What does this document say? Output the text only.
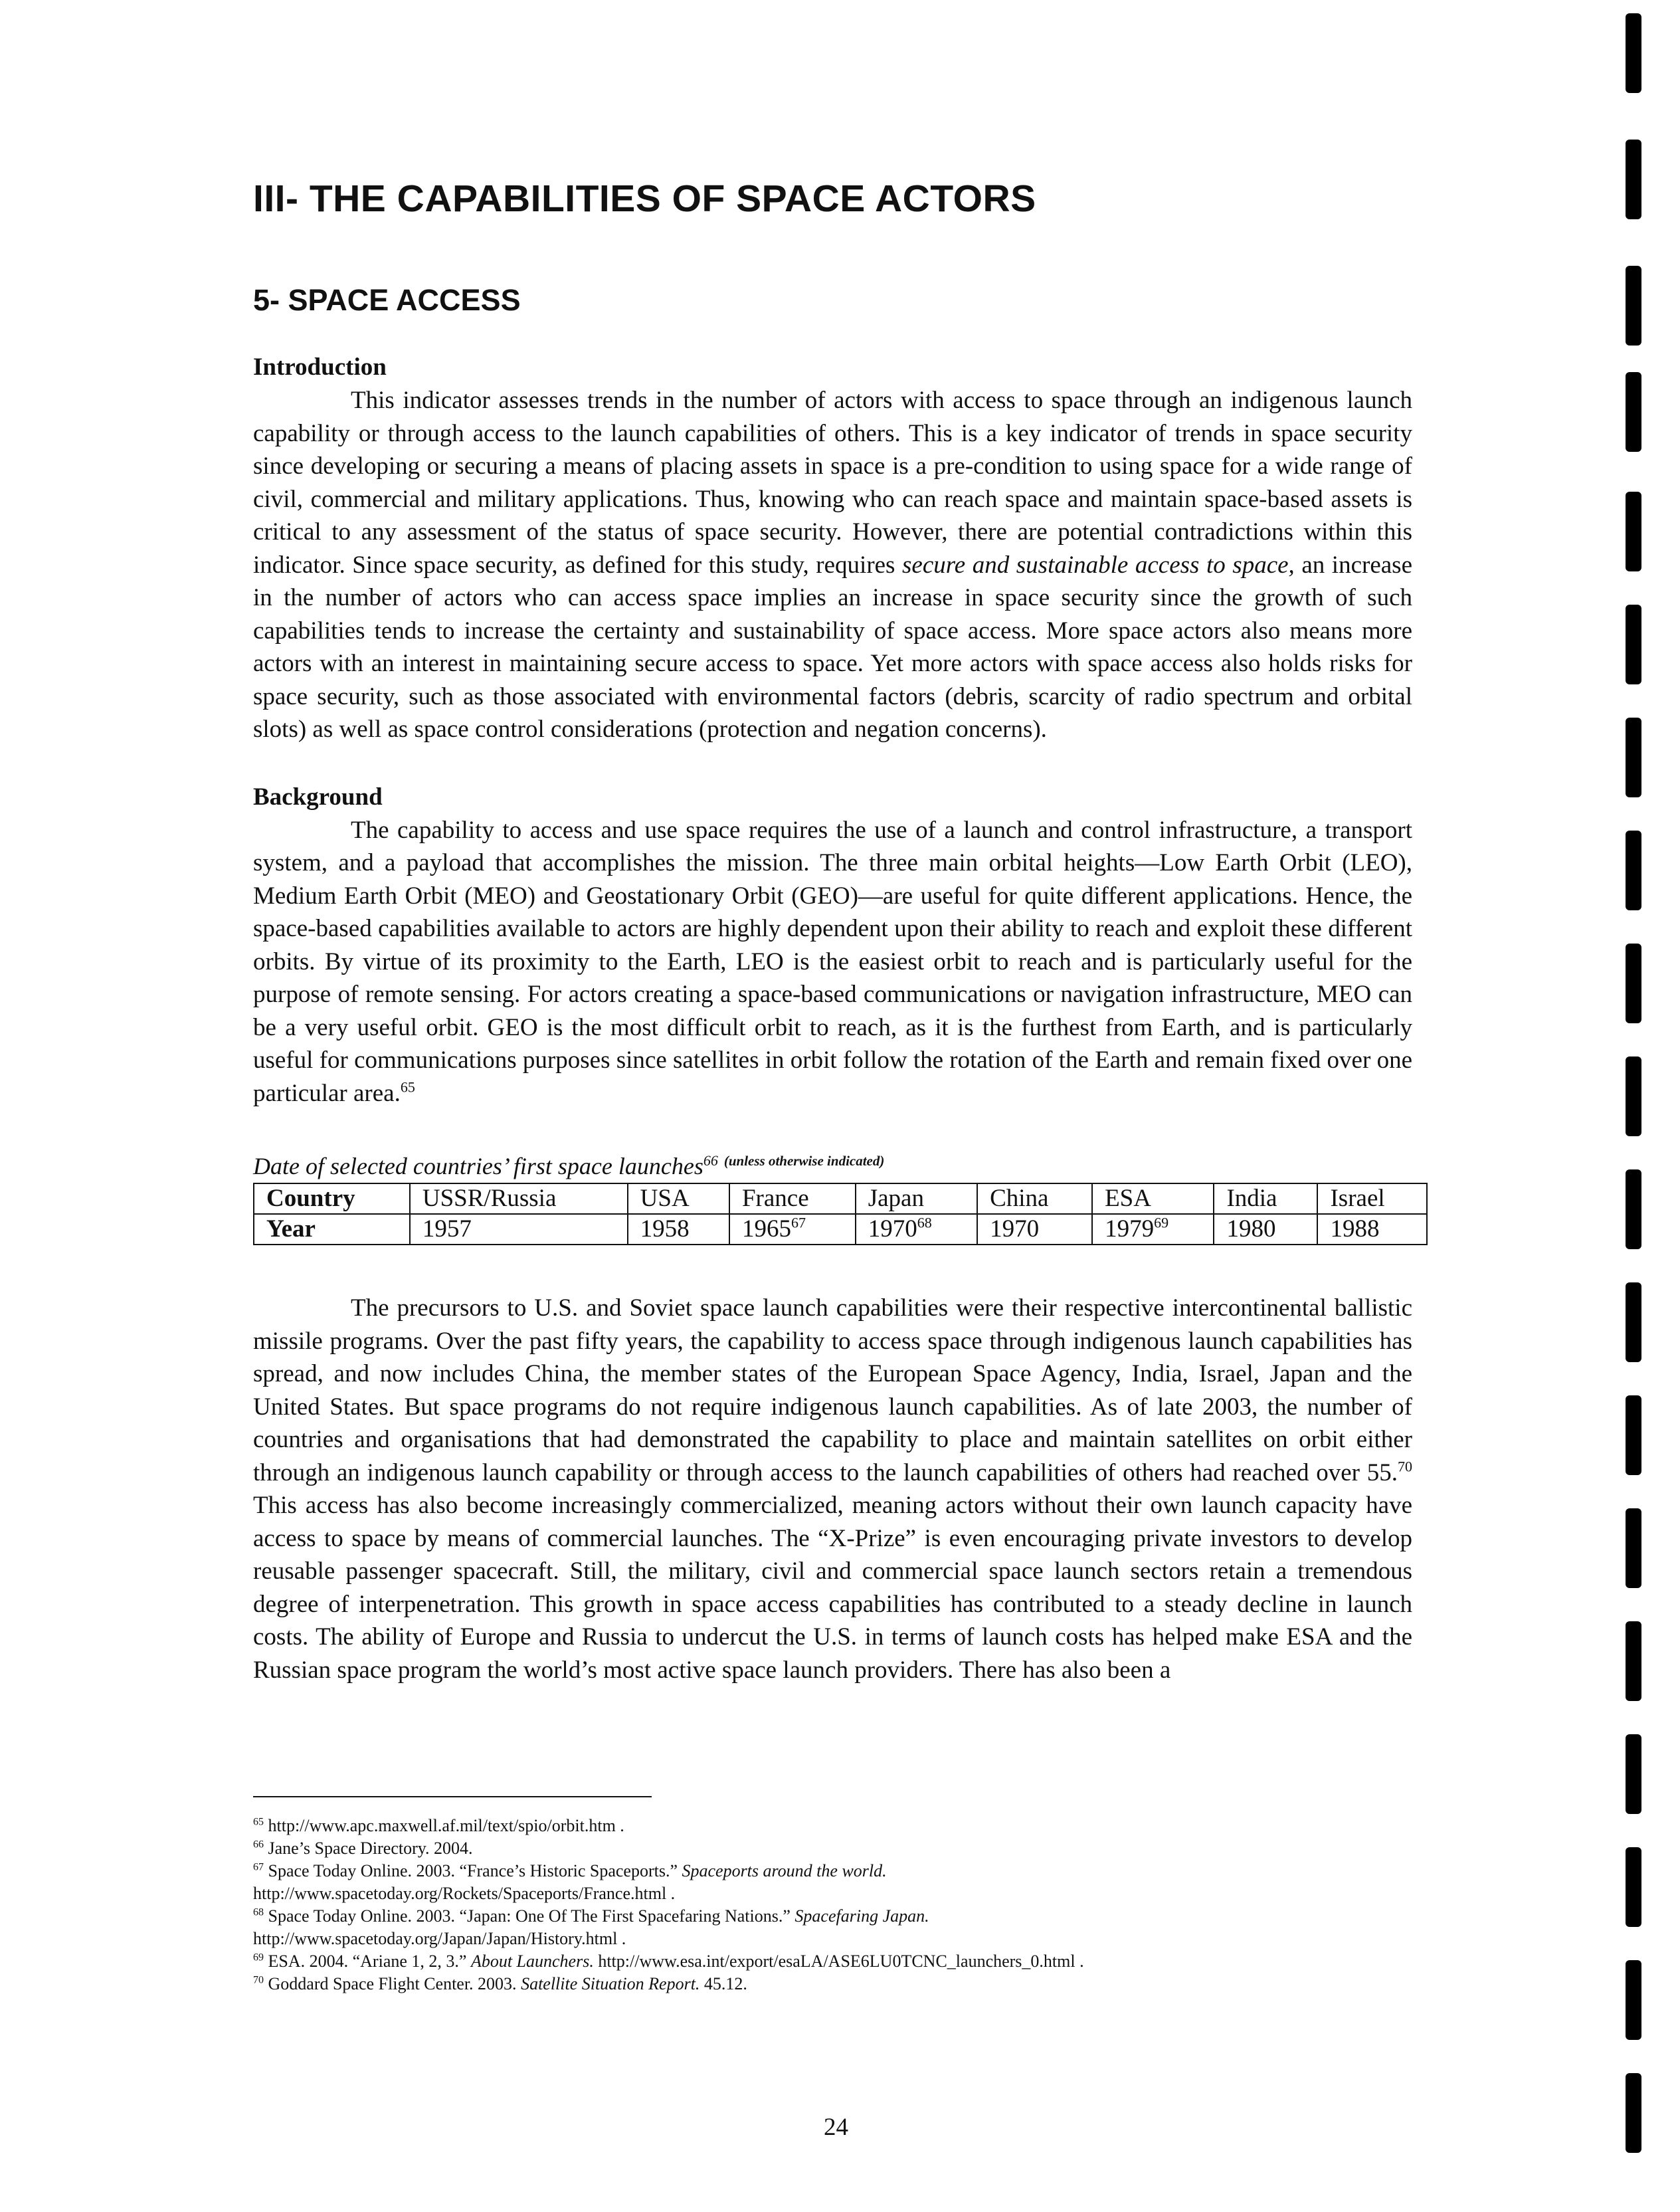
III- THE CAPABILITIES OF SPACE ACTORS
5- SPACE ACCESS
Introduction

This indicator assesses trends in the number of actors with access to space through an indigenous launch capability or through access to the launch capabilities of others. This is a key indicator of trends in space security since developing or securing a means of placing assets in space is a pre-condition to using space for a wide range of civil, commercial and military applications. Thus, knowing who can reach space and maintain space-based assets is critical to any assessment of the status of space security. However, there are potential contradictions within this indicator. Since space security, as defined for this study, requires secure and sustainable access to space, an increase in the number of actors who can access space implies an increase in space security since the growth of such capabilities tends to increase the certainty and sustainability of space access. More space actors also means more actors with an interest in maintaining secure access to space. Yet more actors with space access also holds risks for space security, such as those associated with environmental factors (debris, scarcity of radio spectrum and orbital slots) as well as space control considerations (protection and negation concerns).

Background

The capability to access and use space requires the use of a launch and control infrastructure, a transport system, and a payload that accomplishes the mission. The three main orbital heights—Low Earth Orbit (LEO), Medium Earth Orbit (MEO) and Geostationary Orbit (GEO)—are useful for quite different applications. Hence, the space-based capabilities available to actors are highly dependent upon their ability to reach and exploit these different orbits. By virtue of its proximity to the Earth, LEO is the easiest orbit to reach and is particularly useful for the purpose of remote sensing. For actors creating a space-based communications or navigation infrastructure, MEO can be a very useful orbit. GEO is the most difficult orbit to reach, as it is the furthest from Earth, and is particularly useful for communications purposes since satellites in orbit follow the rotation of the Earth and remain fixed over one particular area.$^{65}$

Date of selected countries’ first space launches$^{66}$ $^{(unless otherwise indicated)}$
Country	USSR/Russia	USA	France	Japan	China	ESA	India	Israel
Year	1957	1958	1965$^{67}$	1970$^{68}$	1970	1979$^{69}$	1980	1988

The precursors to U.S. and Soviet space launch capabilities were their respective intercontinental ballistic missile programs. Over the past fifty years, the capability to access space through indigenous launch capabilities has spread, and now includes China, the member states of the European Space Agency, India, Israel, Japan and the United States. But space programs do not require indigenous launch capabilities. As of late 2003, the number of countries and organisations that had demonstrated the capability to place and maintain satellites on orbit either through an indigenous launch capability or through access to the launch capabilities of others had reached over 55.70 This access has also become increasingly commercialized, meaning actors without their own launch capacity have access to space by means of commercial launches. The “X-Prize” is even encouraging private investors to develop reusable passenger spacecraft. Still, the military, civil and commercial space launch sectors retain a tremendous degree of interpenetration. This growth in space access capabilities has contributed to a steady decline in launch costs. The ability of Europe and Russia to undercut the U.S. in terms of launch costs has helped make ESA and the Russian space program the world’s most active space launch providers. There has also been a

$^{65}$ http://www.apc.maxwell.af.mil/text/spio/orbit.htm .

$^{66}$ Jane’s Space Directory. 2004.

$^{67}$ Space Today Online. 2003. “France’s Historic Spaceports.” Spaceports around the world.

http://www.spacetoday.org/Rockets/Spaceports/France.html .

$^{68}$ Space Today Online. 2003. “Japan: One Of The First Spacefaring Nations.” Spacefaring Japan.

http://www.spacetoday.org/Japan/Japan/History.html .

$^{69}$ ESA. 2004. “Ariane 1, 2, 3.” About Launchers. http://www.esa.int/export/esaLA/ASE6LU0TCNC_launchers_0.html .

$^{70}$ Goddard Space Flight Center. 2003. Satellite Situation Report. 45.12.

24
